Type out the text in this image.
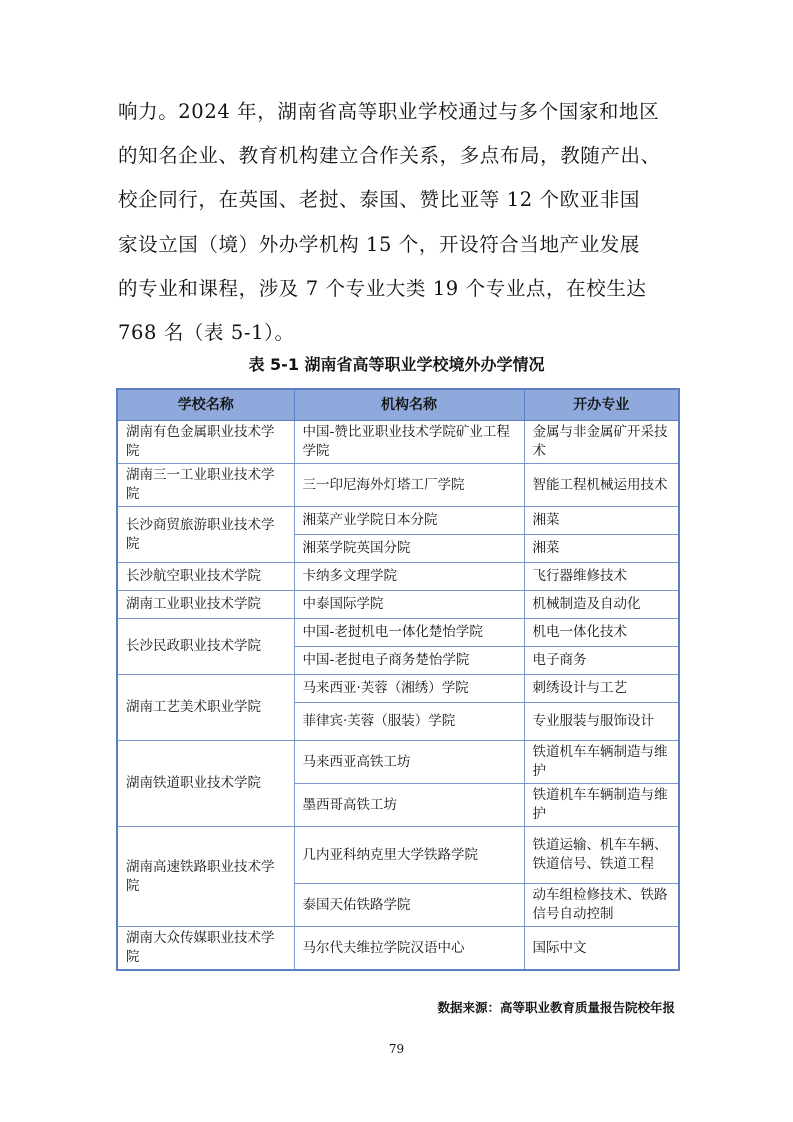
响力。2024 年，湖南省高等职业学校通过与多个国家和地区

的知名企业、教育机构建立合作关系，多点布局，教随产出、

校企同行，在英国、老挝、泰国、赞比亚等 12 个欧亚非国

家设立国（境）外办学机构 15 个，开设符合当地产业发展

的专业和课程，涉及 7 个专业大类 19 个专业点，在校生达

768 名（表 5-1）。

表 5-1 湖南省高等职业学校境外办学情况
学校名称	机构名称	开办专业
湖南有色金属职业技术学院	中国-赞比亚职业技术学院矿业工程学院	金属与非金属矿开采技术
湖南三一工业职业技术学院	三一印尼海外灯塔工厂学院	智能工程机械运用技术
长沙商贸旅游职业技术学院	湘菜产业学院日本分院	湘菜
	湘菜学院英国分院	湘菜
长沙航空职业技术学院	卡纳多文理学院	飞行器维修技术
湖南工业职业技术学院	中泰国际学院	机械制造及自动化
长沙民政职业技术学院	中国-老挝机电一体化楚怡学院	机电一体化技术
	中国-老挝电子商务楚怡学院	电子商务
湖南工艺美术职业学院	马来西亚·芙蓉（湘绣）学院	刺绣设计与工艺
	菲律宾·芙蓉（服装）学院	专业服装与服饰设计
湖南铁道职业技术学院	马来西亚高铁工坊	铁道机车车辆制造与维护
	墨西哥高铁工坊	铁道机车车辆制造与维护
湖南高速铁路职业技术学院	几内亚科纳克里大学铁路学院	铁道运输、机车车辆、铁道信号、铁道工程
	泰国天佑铁路学院	动车组检修技术、铁路信号自动控制
湖南大众传媒职业技术学院	马尔代夫维拉学院汉语中心	国际中文
数据来源：高等职业教育质量报告院校年报
79
